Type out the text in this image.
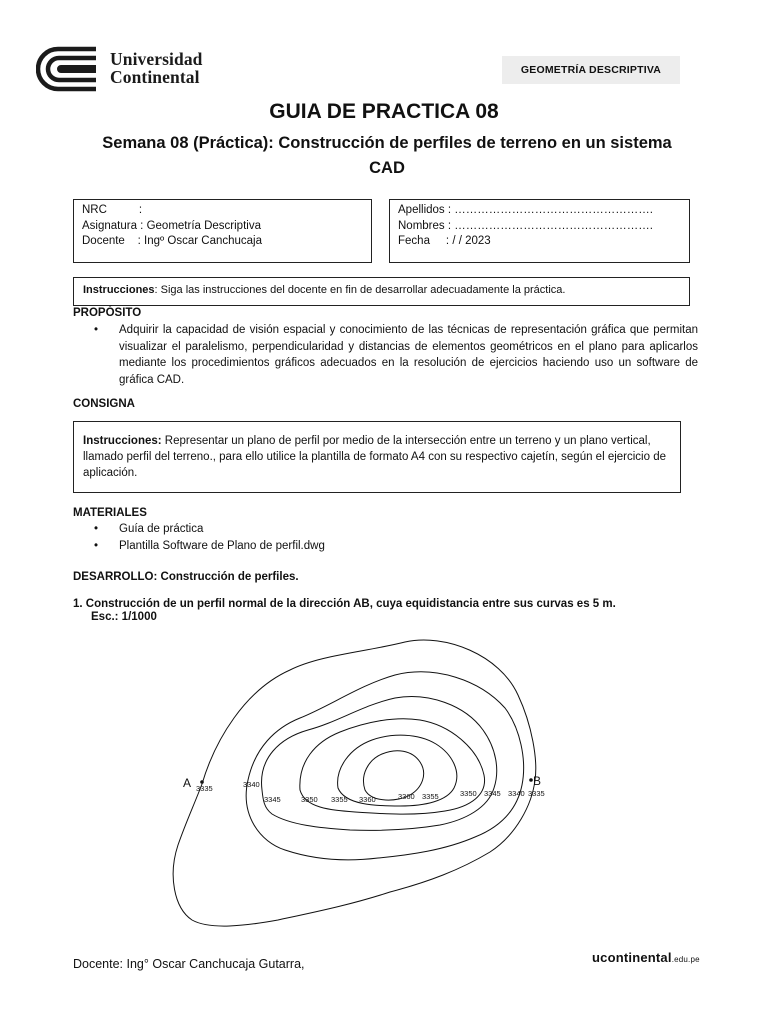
Universidad
Continental	GEOMETRÍA DESCRIPTIVA
GUIA DE PRACTICA 08
Semana 08 (Práctica): Construcción de perfiles de terreno en un sistema CAD
NRC          :
Asignatura : Geometría Descriptiva
Docente    : Ingº Oscar Canchucaja
Apellidos : …………………………………………….
Nombres : …………………………………………….
Fecha     : / / 2023
Instrucciones: Siga las instrucciones del docente en fin de desarrollar adecuadamente la práctica.
PROPÓSITO
• Adquirir la capacidad de visión espacial y conocimiento de las técnicas de representación gráfica que permitan visualizar el paralelismo, perpendicularidad y distancias de elementos geométricos en el plano para aplicarlos mediante los procedimientos gráficos adecuados en la resolución de ejercicios haciendo uso un software de gráfica CAD.
CONSIGNA
Instrucciones: Representar un plano de perfil por medio de la intersección entre un terreno y un plano vertical, llamado perfil del terreno., para ello utilice la plantilla de formato A4 con su respectivo cajetín, según el ejercicio de aplicación.
MATERIALES
• Guía de práctica
• Plantilla Software de Plano de perfil.dwg
DESARROLLO: Construcción de perfiles.
1. Construcción de un perfil normal de la dirección AB, cuya equidistancia entre sus curvas es 5 m.
Esc.: 1/1000
3335	3340
3345	3350 3355 3360	3360 3355	3350 3345 3340 3335
A	B
Docente: Ing° Oscar Canchucaja Gutarra,	ucontinental.edu.pe
